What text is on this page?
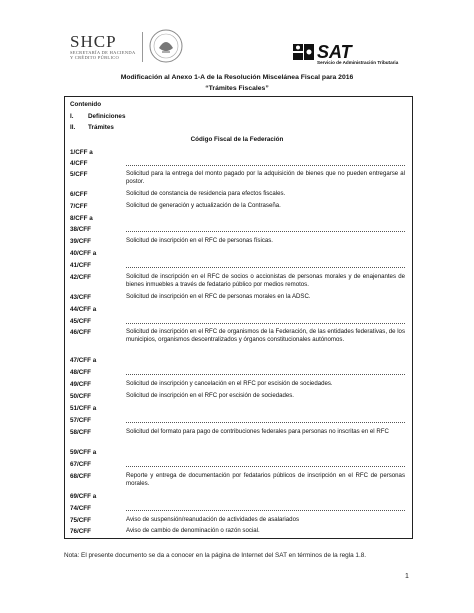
SHCP
SECRETARÍA DE HACIENDA
Y CRÉDITO PÚBLICO	SAT
Servicio de Administración Tributaria
Modificación al Anexo 1-A de la Resolución Miscelánea Fiscal para 2016
“Trámites Fiscales”
Contenido
I. Definiciones
II. Trámites
Código Fiscal de la Federación
1/CFF a
4/CFF
5/CFF	Solicitud para la entrega del monto pagado por la adquisición de bienes que no pueden entregarse al postor.
6/CFF	Solicitud de constancia de residencia para efectos fiscales.
7/CFF	Solicitud de generación y actualización de la Contraseña.
8/CFF a
38/CFF
39/CFF	Solicitud de inscripción en el RFC de personas físicas.
40/CFF a
41/CFF
42/CFF	Solicitud de inscripción en el RFC de socios o accionistas de personas morales y de enajenantes de bienes inmuebles a través de fedatario público por medios remotos.
43/CFF	Solicitud de inscripción en el RFC de personas morales en la ADSC.
44/CFF a
45/CFF
46/CFF	Solicitud de inscripción en el RFC de organismos de la Federación, de las entidades federativas, de los municipios, organismos descentralizados y órganos constitucionales autónomos.
47/CFF a
48/CFF
49/CFF	Solicitud de inscripción y cancelación en el RFC por escisión de sociedades.
50/CFF	Solicitud de inscripción en el RFC por escisión de sociedades.
51/CFF a
57/CFF
58/CFF	Solicitud del formato para pago de contribuciones federales para personas no inscritas en el RFC
59/CFF a
67/CFF
68/CFF	Reporte y entrega de documentación por fedatarios públicos de inscripción en el RFC de personas morales.
69/CFF a
74/CFF
75/CFF	Aviso de suspensión/reanudación de actividades de asalariados
76/CFF	Aviso de cambio de denominación o razón social.
Nota: El presente documento se da a conocer en la página de Internet del SAT en términos de la regla 1.8.
1
